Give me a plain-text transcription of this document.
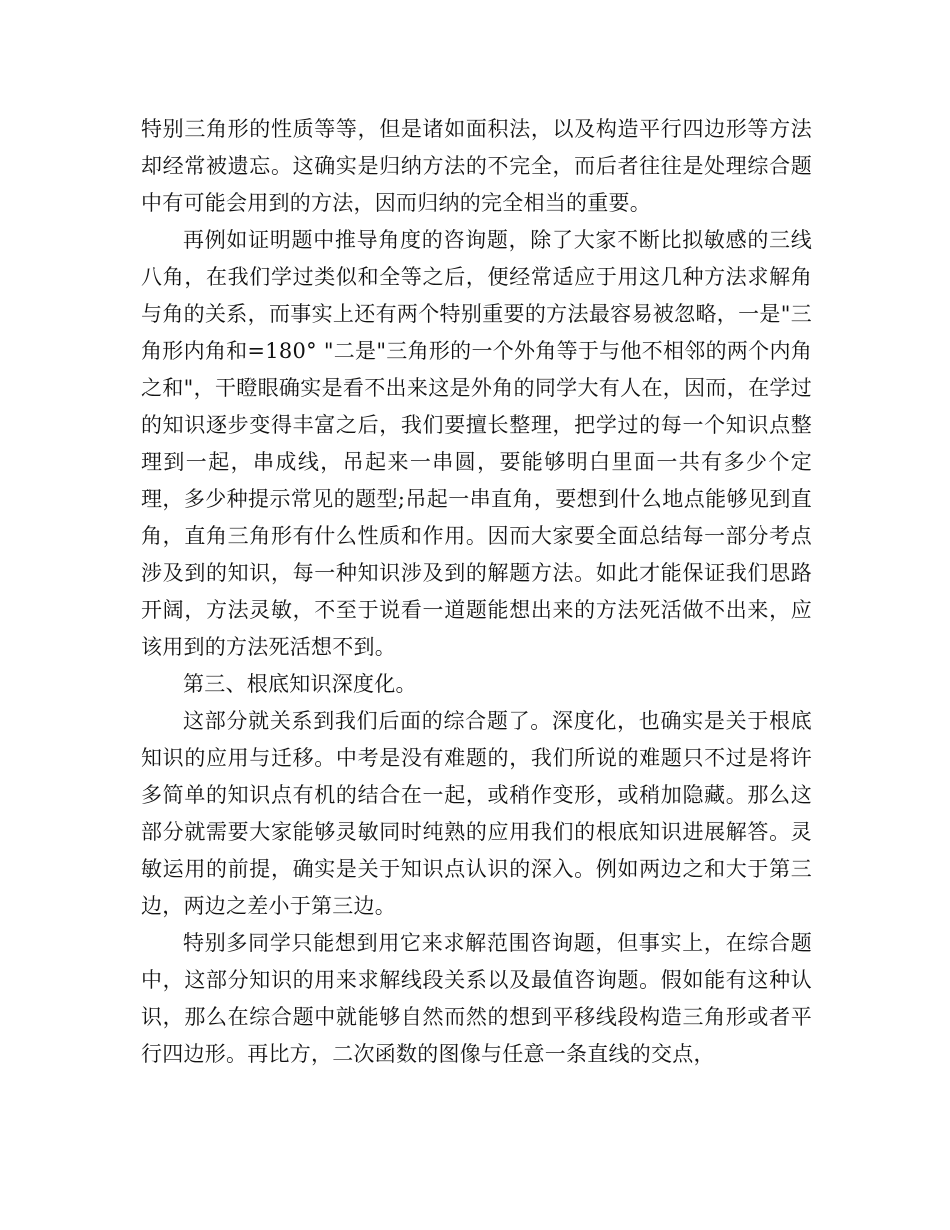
特别三角形的性质等等，但是诸如面积法，以及构造平行四边形等方法却经常被遗忘。这确实是归纳方法的不完全，而后者往往是处理综合题中有可能会用到的方法，因而归纳的完全相当的重要。

再例如证明题中推导角度的咨询题，除了大家不断比拟敏感的三线八角，在我们学过类似和全等之后，便经常适应于用这几种方法求解角与角的关系，而事实上还有两个特别重要的方法最容易被忽略，一是"三角形内角和=180° "二是"三角形的一个外角等于与他不相邻的两个内角之和"，干瞪眼确实是看不出来这是外角的同学大有人在，因而，在学过的知识逐步变得丰富之后，我们要擅长整理，把学过的每一个知识点整理到一起，串成线，吊起来一串圆，要能够明白里面一共有多少个定理，多少种提示常见的题型;吊起一串直角，要想到什么地点能够见到直角，直角三角形有什么性质和作用。因而大家要全面总结每一部分考点涉及到的知识，每一种知识涉及到的解题方法。如此才能保证我们思路开阔，方法灵敏，不至于说看一道题能想出来的方法死活做不出来，应该用到的方法死活想不到。

第三、根底知识深度化。

这部分就关系到我们后面的综合题了。深度化，也确实是关于根底知识的应用与迁移。中考是没有难题的，我们所说的难题只不过是将许多简单的知识点有机的结合在一起，或稍作变形，或稍加隐藏。那么这部分就需要大家能够灵敏同时纯熟的应用我们的根底知识进展解答。灵敏运用的前提，确实是关于知识点认识的深入。例如两边之和大于第三边，两边之差小于第三边。

特别多同学只能想到用它来求解范围咨询题，但事实上，在综合题中，这部分知识的用来求解线段关系以及最值咨询题。假如能有这种认识，那么在综合题中就能够自然而然的想到平移线段构造三角形或者平行四边形。再比方，二次函数的图像与任意一条直线的交点，
